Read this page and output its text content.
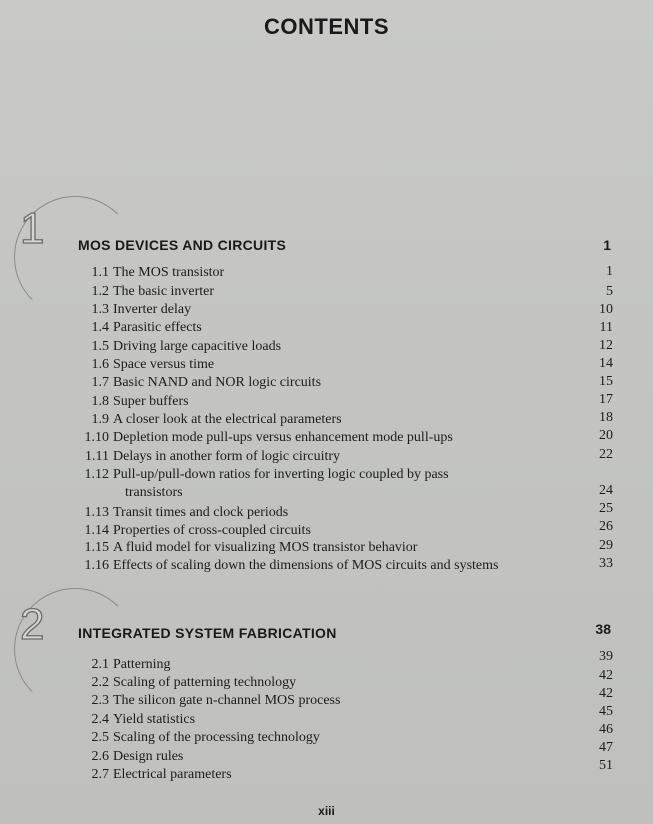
CONTENTS
1 MOS DEVICES AND CIRCUITS	1
1.1 The MOS transistor
1.2 The basic inverter
1.3 Inverter delay
1.4 Parasitic effects
1.5 Driving large capacitive loads
1.6 Space versus time
1.7 Basic NAND and NOR logic circuits
1.8 Super buffers
1.9 A closer look at the electrical parameters
1.10 Depletion mode pull-ups versus enhancement mode pull-ups
1.11 Delays in another form of logic circuitry
1.12 Pull-up/pull-down ratios for inverting logic coupled by pass
transistors
1.13 Transit times and clock periods
1.14 Properties of cross-coupled circuits
1.15 A fluid model for visualizing MOS transistor behavior
1.16 Effects of scaling down the dimensions of MOS circuits and systems
1
5
10
11
12
14
15
17
18
20
22
24
25
26
29
33
2 INTEGRATED SYSTEM FABRICATION	38
2.1 Patterning
2.2 Scaling of patterning technology
2.3 The silicon gate n-channel MOS process
2.4 Yield statistics
2.5 Scaling of the processing technology
2.6 Design rules
2.7 Electrical parameters
39
42
42
45
46
47
51
xiii
